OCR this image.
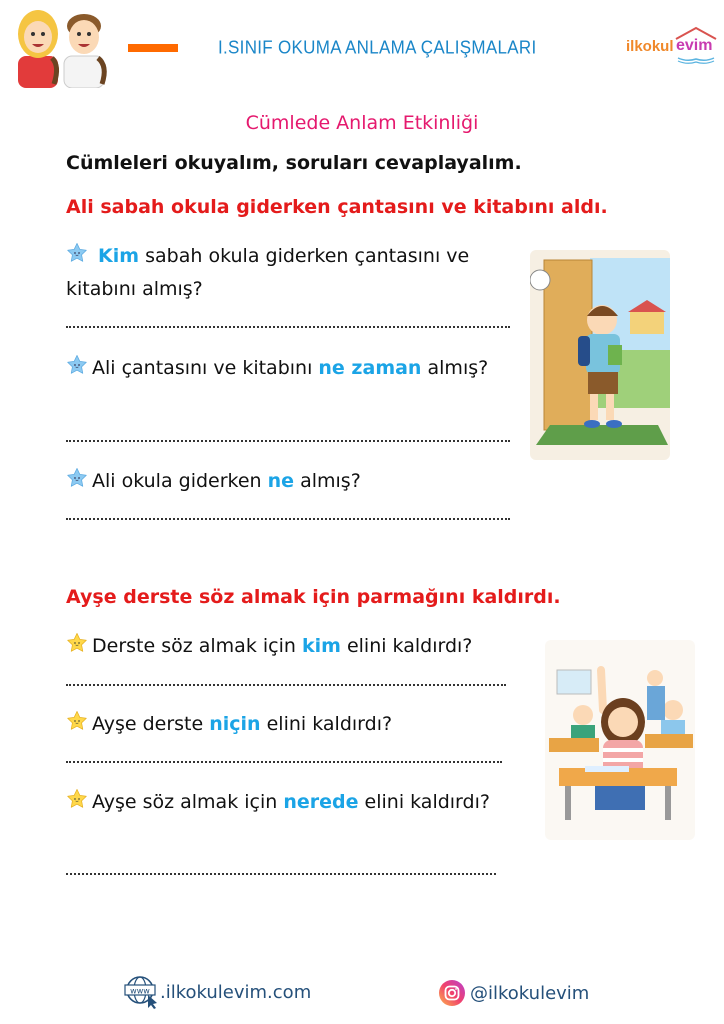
I.SINIF OKUMA ANLAMA ÇALIŞMALARI	ilkokul evim
Cümlede Anlam Etkinliği
Cümleleri okuyalım, soruları cevaplayalım.
Ali sabah okula giderken çantasını ve kitabını aldı.
Kim sabah okula giderken çantasını ve kitabını almış?
Ali çantasını ve kitabını ne zaman almış?
Ali okula giderken ne almış?
Ayşe derste söz almak için parmağını kaldırdı.
Derste söz almak için kim elini kaldırdı?
Ayşe derste niçin elini kaldırdı?
Ayşe söz almak için nerede elini kaldırdı?
www .ilkokulevim.com	@ilkokulevim
